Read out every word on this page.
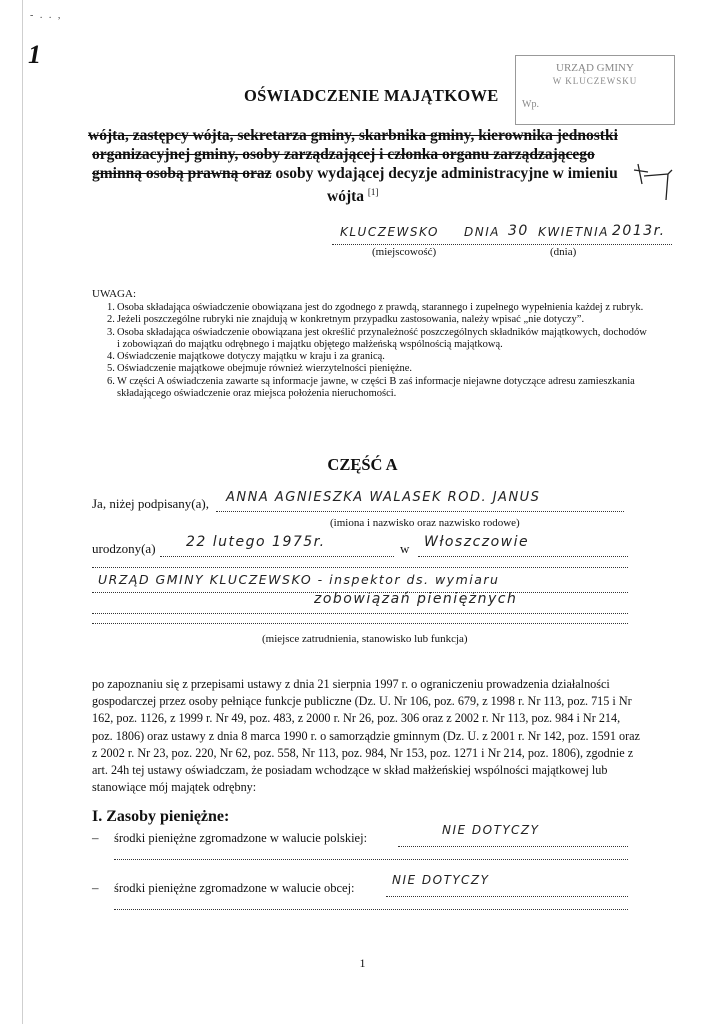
- . . ,
1	URZĄD GMINY
W KLUCZEWSKU
Wp.
OŚWIADCZENIE MAJĄTKOWE
wójta, zastępcy wójta, sekretarza gminy, skarbnika gminy, kierownika jednostki
organizacyjnej gminy, osoby zarządzającej i członka organu zarządzającego
gminną osobą prawną oraz osoby wydającej decyzje administracyjne w imieniu
wójta [1]
KLUCZEWSKO DNIA 30 KWIETNIA 2013r.
(miejscowość)	(dnia)
UWAGA:
1. Osoba składająca oświadczenie obowiązana jest do zgodnego z prawdą, starannego i zupełnego wypełnienia każdej z rubryk.
2. Jeżeli poszczególne rubryki nie znajdują w konkretnym przypadku zastosowania, należy wpisać „nie dotyczy”.
3. Osoba składająca oświadczenie obowiązana jest określić przynależność poszczególnych składników majątkowych, dochodów i zobowiązań do majątku odrębnego i majątku objętego małżeńską wspólnością majątkową.
4. Oświadczenie majątkowe dotyczy majątku w kraju i za granicą.
5. Oświadczenie majątkowe obejmuje również wierzytelności pieniężne.
6. W części A oświadczenia zawarte są informacje jawne, w części B zaś informacje niejawne dotyczące adresu zamieszkania składającego oświadczenie oraz miejsca położenia nieruchomości.
CZĘŚĆ A
Ja, niżej podpisany(a), ANNA AGNIESZKA WALASEK ROD. JANUS
(imiona i nazwisko oraz nazwisko rodowe)
urodzony(a) 22 lutego 1975r.	w Włoszczowie
URZĄD GMINY KLUCZEWSKO - inspektor ds. wymiaru
zobowiązań pieniężnych
(miejsce zatrudnienia, stanowisko lub funkcja)
po zapoznaniu się z przepisami ustawy z dnia 21 sierpnia 1997 r. o ograniczeniu prowadzenia działalności gospodarczej przez osoby pełniące funkcje publiczne (Dz. U. Nr 106, poz. 679, z 1998 r. Nr 113, poz. 715 i Nr 162, poz. 1126, z 1999 r. Nr 49, poz. 483, z 2000 r. Nr 26, poz. 306 oraz z 2002 r. Nr 113, poz. 984 i Nr 214, poz. 1806) oraz ustawy z dnia 8 marca 1990 r. o samorządzie gminnym (Dz. U. z 2001 r. Nr 142, poz. 1591 oraz z 2002 r. Nr 23, poz. 220, Nr 62, poz. 558, Nr 113, poz. 984, Nr 153, poz. 1271 i Nr 214, poz. 1806), zgodnie z art. 24h tej ustawy oświadczam, że posiadam wchodzące w skład małżeńskiej wspólności majątkowej lub stanowiące mój majątek odrębny:
I. Zasoby pieniężne:
– środki pieniężne zgromadzone w walucie polskiej:
NIE DOTYCZY
– środki pieniężne zgromadzone w walucie obcej:
NIE DOTYCZY
1
